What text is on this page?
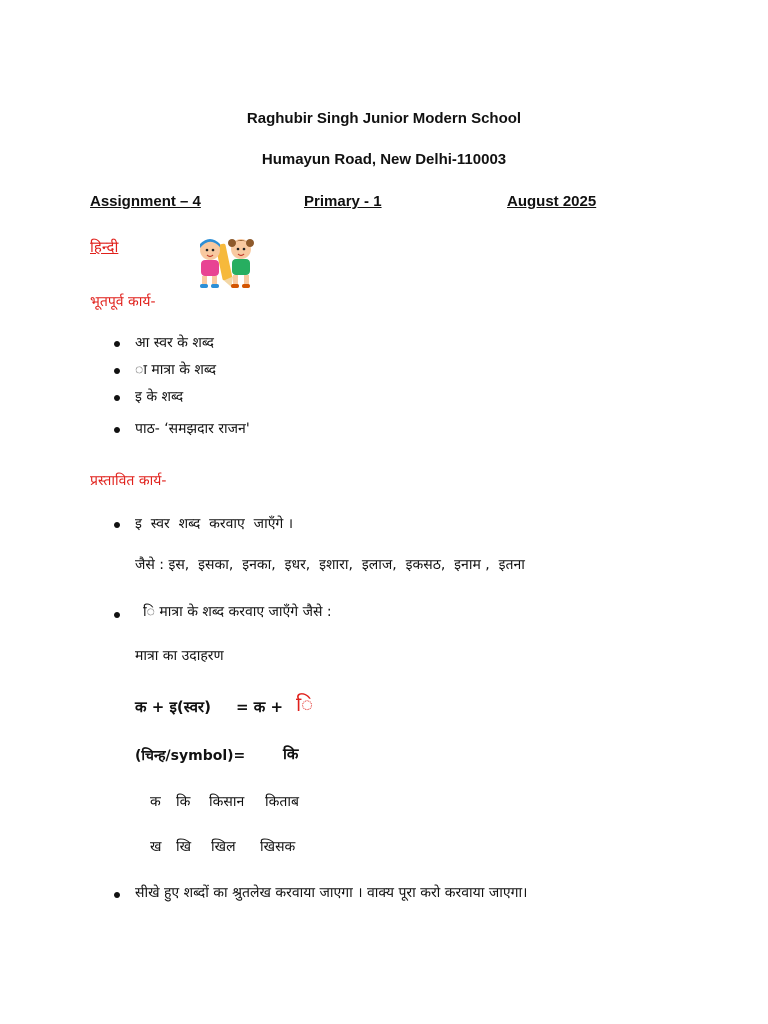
Raghubir Singh Junior Modern School
Humayun Road, New Delhi-110003
Assignment – 4	Primary - 1	August 2025
हिन्दी
भूतपूर्व कार्य-
आ स्वर के शब्द
ा मात्रा के शब्द
इ के शब्द
पाठ- ‘समझदार राजन'
प्रस्तावित कार्य-
इ  स्वर  शब्द  करवाए  जाएँगे ।
जैसे : इस,  इसका,  इनका,  इधर,  इशारा,  इलाज,  इकसठ,  इनाम ,  इतना
ि मात्रा के शब्द करवाए जाएँगे जैसे :
मात्रा का उदाहरण
क + इ(स्वर) = क + ि
(चिन्ह/symbol)=	कि
क कि किसान किताब
ख खि खिल खिसक
सीखे हुए शब्दों का श्रुतलेख करवाया जाएगा । वाक्य पूरा करो करवाया जाएगा।
